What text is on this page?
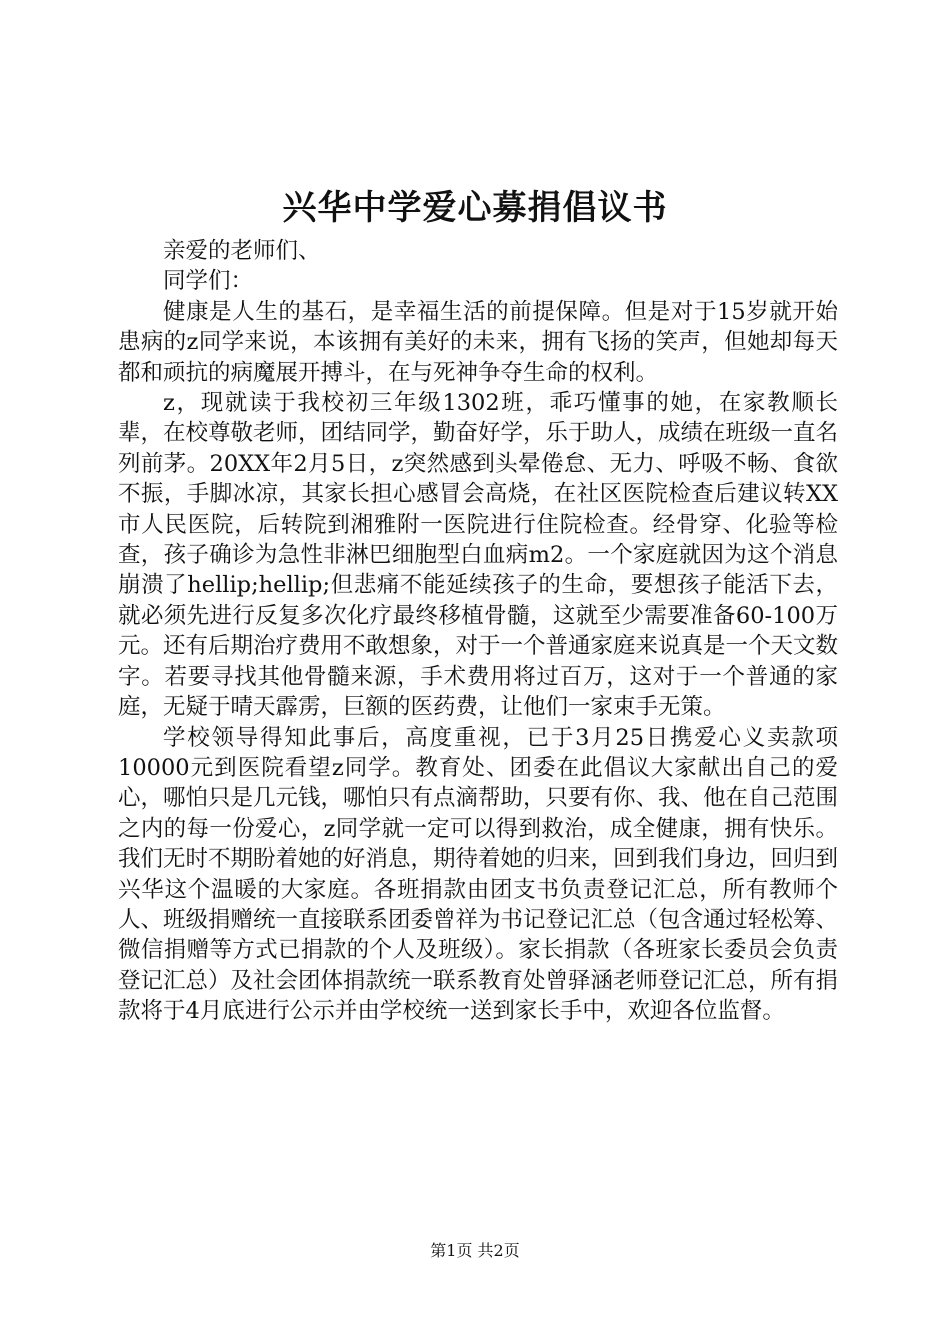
兴华中学爱心募捐倡议书

亲爱的老师们、

同学们：

健康是人生的基石，是幸福生活的前提保障。但是对于15岁就开始患病的z同学来说，本该拥有美好的未来，拥有飞扬的笑声，但她却每天都和顽抗的病魔展开搏斗，在与死神争夺生命的权利。

z，现就读于我校初三年级1302班，乖巧懂事的她，在家教顺长辈，在校尊敬老师，团结同学，勤奋好学，乐于助人，成绩在班级一直名列前茅。20XX年2月5日，z突然感到头晕倦怠、无力、呼吸不畅、食欲不振，手脚冰凉，其家长担心感冒会高烧，在社区医院检查后建议转XX市人民医院，后转院到湘雅附一医院进行住院检查。经骨穿、化验等检查，孩子确诊为急性非淋巴细胞型白血病m2。一个家庭就因为这个消息崩溃了hellip;hellip;但悲痛不能延续孩子的生命，要想孩子能活下去，就必须先进行反复多次化疗最终移植骨髓，这就至少需要准备60-100万元。还有后期治疗费用不敢想象，对于一个普通家庭来说真是一个天文数字。若要寻找其他骨髓来源，手术费用将过百万，这对于一个普通的家庭，无疑于晴天霹雳，巨额的医药费，让他们一家束手无策。

学校领导得知此事后，高度重视，已于3月25日携爱心义卖款项10000元到医院看望z同学。教育处、团委在此倡议大家献出自己的爱心，哪怕只是几元钱，哪怕只有点滴帮助，只要有你、我、他在自己范围之内的每一份爱心，z同学就一定可以得到救治，成全健康，拥有快乐。我们无时不期盼着她的好消息，期待着她的归来，回到我们身边，回归到兴华这个温暖的大家庭。各班捐款由团支书负责登记汇总，所有教师个人、班级捐赠统一直接联系团委曾祥为书记登记汇总（包含通过轻松筹、微信捐赠等方式已捐款的个人及班级）。家长捐款（各班家长委员会负责登记汇总）及社会团体捐款统一联系教育处曾驿涵老师登记汇总，所有捐款将于4月底进行公示并由学校统一送到家长手中，欢迎各位监督。

第1页 共2页
